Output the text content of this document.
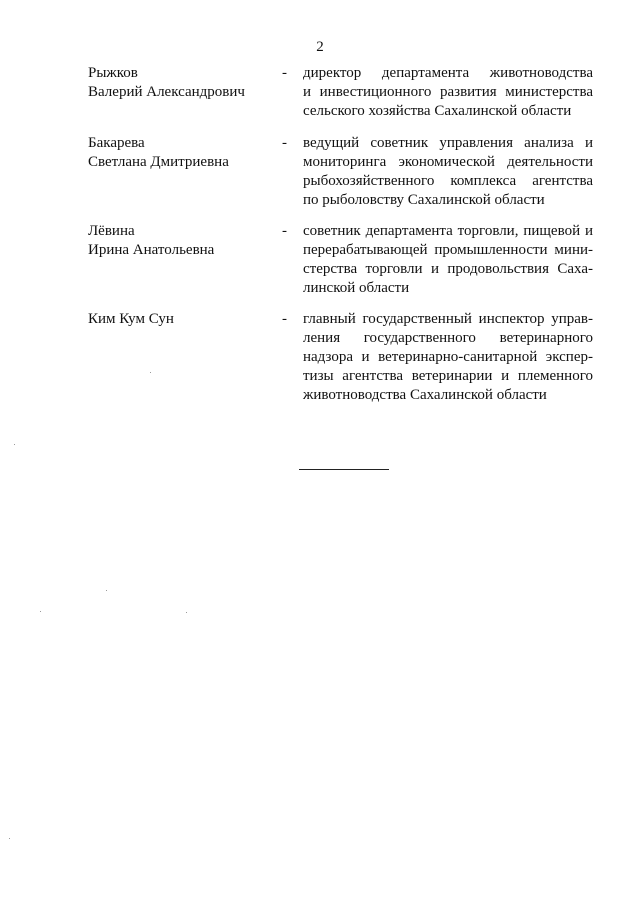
2
Рыжков
Валерий Александрович
- директор департамента животноводства
и инвестиционного развития министерства
сельского хозяйства Сахалинской области
Бакарева
Светлана Дмитриевна
- ведущий советник управления анализа и
мониторинга экономической деятельности
рыбохозяйственного комплекса агентства
по рыболовству Сахалинской области
Лёвина
Ирина Анатольевна
- советник департамента торговли, пищевой и
перерабатывающей промышленности мини-
стерства торговли и продовольствия Саха-
линской области
Ким Кум Сун	- главный государственный инспектор управ-
ления государственного ветеринарного
надзора и ветеринарно-санитарной экспер-
тизы агентства ветеринарии и племенного
животноводства Сахалинской области
